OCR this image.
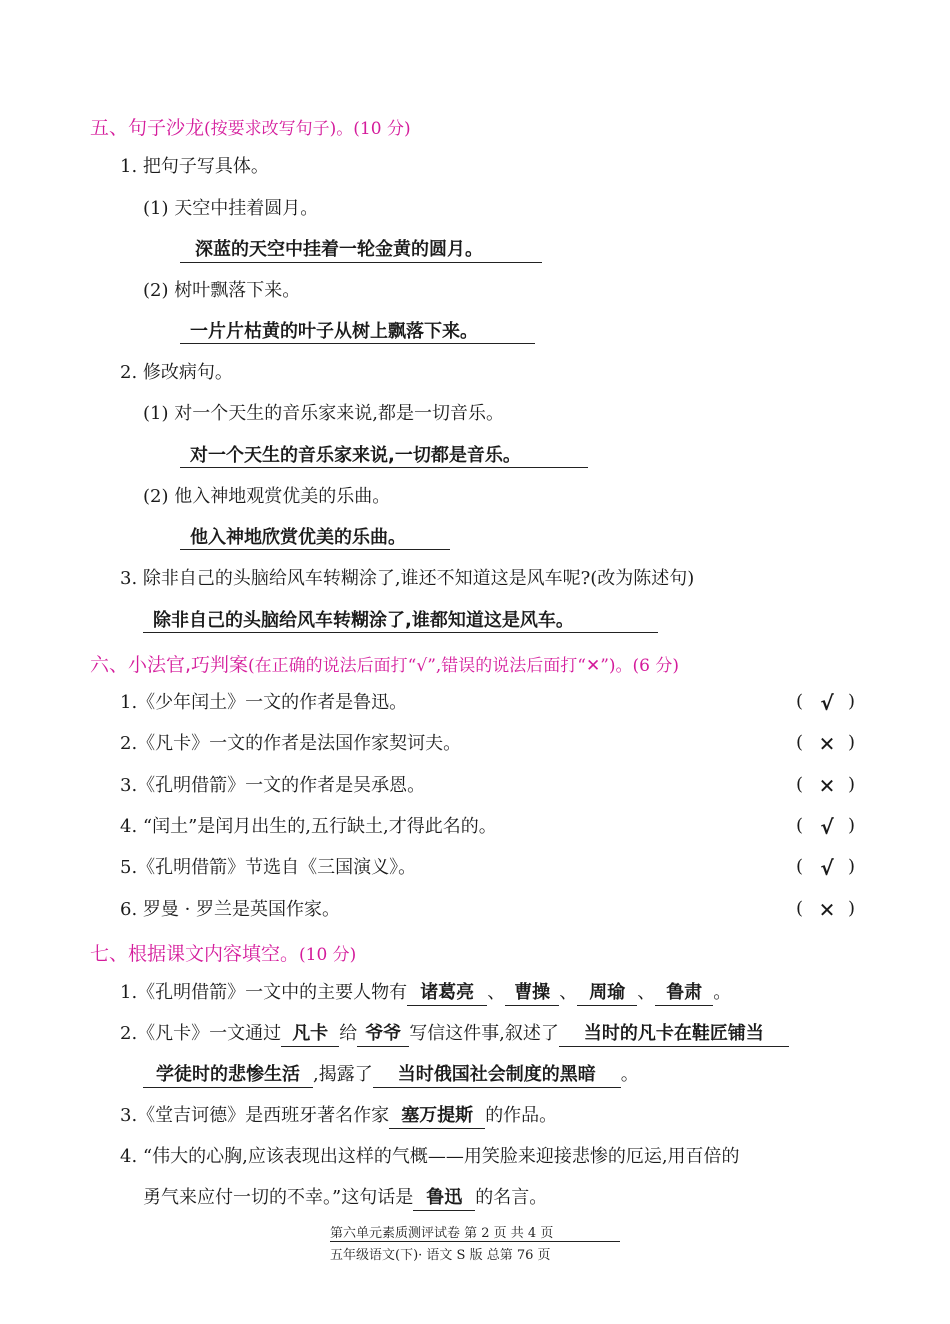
五、句子沙龙(按要求改写句子)。(10 分)
1. 把句子写具体。
(1) 天空中挂着圆月。
深蓝的天空中挂着一轮金黄的圆月。
(2) 树叶飘落下来。
一片片枯黄的叶子从树上飘落下来。
2. 修改病句。
(1) 对一个天生的音乐家来说,都是一切音乐。
对一个天生的音乐家来说,一切都是音乐。
(2) 他入神地观赏优美的乐曲。
他入神地欣赏优美的乐曲。
3. 除非自己的头脑给风车转糊涂了,谁还不知道这是风车呢?(改为陈述句)
除非自己的头脑给风车转糊涂了,谁都知道这是风车。
六、小法官,巧判案(在正确的说法后面打“√”,错误的说法后面打“✕”)。(6 分)
1.《少年闰土》一文的作者是鲁迅。	( √ )
2.《凡卡》一文的作者是法国作家契诃夫。	( ✕ )
3.《孔明借箭》一文的作者是吴承恩。	( ✕ )
4. “闰土”是闰月出生的,五行缺土,才得此名的。	( √ )
5.《孔明借箭》节选自《三国演义》。	( √ )
6. 罗曼 · 罗兰是英国作家。	( ✕ )
七、根据课文内容填空。(10 分)
1.《孔明借箭》一文中的主要人物有 诸葛亮 、 曹操 、 周瑜 、 鲁肃 。
2.《凡卡》一文通过 凡卡 给 爷爷 写信这件事,叙述了 当时的凡卡在鞋匠铺当
学徒时的悲惨生活 ,揭露了 当时俄国社会制度的黑暗 。
3.《堂吉诃德》是西班牙著名作家 塞万提斯 的作品。
4. “伟大的心胸,应该表现出这样的气概——用笑脸来迎接悲惨的厄运,用百倍的
勇气来应付一切的不幸。”这句话是 鲁迅 的名言。
第六单元素质测评试卷 第 2 页 共 4 页
五年级语文(下)· 语文 S 版 总第 76 页
